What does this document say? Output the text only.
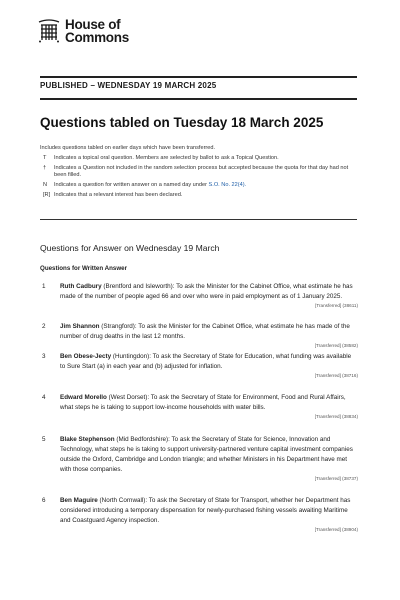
House of
Commons
PUBLISHED – WEDNESDAY 19 MARCH 2025
Questions tabled on Tuesday 18 March 2025
Includes questions tabled on earlier days which have been transferred.
T	Indicates a topical oral question. Members are selected by ballot to ask a Topical Question.
†	Indicates a Question not included in the random selection process but accepted because the quota for that day had not been filled.
N	Indicates a question for written answer on a named day under S.O. No. 22(4).
[R] Indicates that a relevant interest has been declared.
Questions for Answer on Wednesday 19 March
Questions for Written Answer
1 Ruth Cadbury (Brentford and Isleworth): To ask the Minister for the Cabinet Office, what estimate he has made of the number of people aged 66 and over who were in paid employment as of 1 January 2025.
[Transferred] (38611)
2 Jim Shannon (Strangford): To ask the Minister for the Cabinet Office, what estimate he has made of the number of drug deaths in the last 12 months.
[Transferred] (38582)
3 Ben Obese-Jecty (Huntingdon): To ask the Secretary of State for Education, what funding was available to Sure Start (a) in each year and (b) adjusted for inflation.
[Transferred] (38716)
4 Edward Morello (West Dorset): To ask the Secretary of State for Environment, Food and Rural Affairs, what steps he is taking to support low-income households with water bills.
[Transferred] (38834)
5 Blake Stephenson (Mid Bedfordshire): To ask the Secretary of State for Science, Innovation and Technology, what steps he is taking to support university-partnered venture capital investment companies outside the Oxford, Cambridge and London triangle; and whether Ministers in his Department have met with those companies.
[Transferred] (38737)
6 Ben Maguire (North Cornwall): To ask the Secretary of State for Transport, whether her Department has considered introducing a temporary dispensation for newly-purchased fishing vessels awaiting Maritime and Coastguard Agency inspection.
[Transferred] (38904)
